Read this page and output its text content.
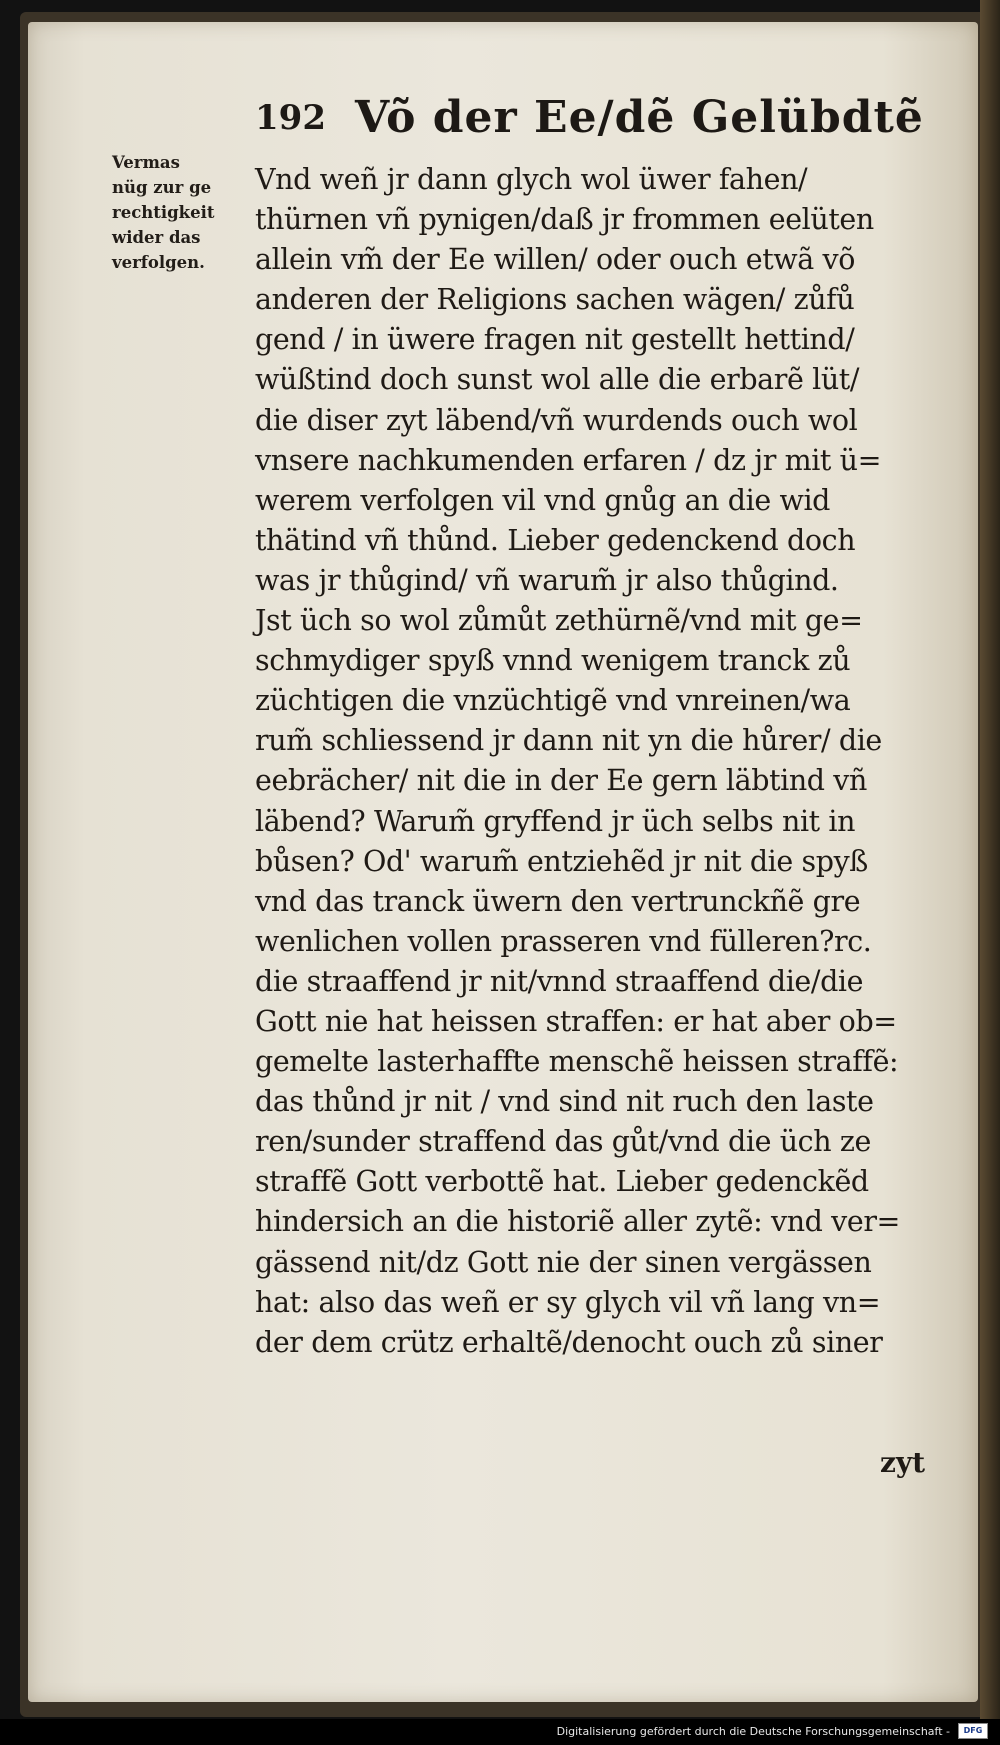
192 Võ der Ee/dẽ Gelübdtẽ
Vermas
nüg zur ge
rechtigkeit
wider das
verfolgen.
Vnd weñ jr dann glych wol üwer fahen/
thürnen vñ pynigen/daß jr frommen eelüten
allein vm̃ der Ee willen/ oder ouch etwã võ
anderen der Religions sachen wägen/ zůfů
gend / in üwere fragen nit gestellt hettind/
wüßtind doch sunst wol alle die erbarẽ lüt/
die diser zyt läbend/vñ wurdends ouch wol
vnsere nachkumenden erfaren / dz jr mit ü=
werem verfolgen vil vnd gnůg an die wid
thätind vñ thůnd. Lieber gedenckend doch
was jr thůgind/ vñ warum̃ jr also thůgind.
Jst üch so wol zůmůt zethürnẽ/vnd mit ge=
schmydiger spyß vnnd wenigem tranck zů
züchtigen die vnzüchtigẽ vnd vnreinen/wa
rum̃ schliessend jr dann nit yn die hůrer/ die
eebrächer/ nit die in der Ee gern läbtind vñ
läbend? Warum̃ gryffend jr üch selbs nit in
bůsen? Od' warum̃ entziehẽd jr nit die spyß
vnd das tranck üwern den vertrunckñẽ gre
wenlichen vollen prasseren vnd fülleren?rc.
die straaffend jr nit/vnnd straaffend die/die
Gott nie hat heissen straffen: er hat aber ob=
gemelte lasterhaffte menschẽ heissen straffẽ:
das thůnd jr nit / vnd sind nit ruch den laste
ren/sunder straffend das gůt/vnd die üch ze
straffẽ Gott verbottẽ hat. Lieber gedenckẽd
hindersich an die historiẽ aller zytẽ: vnd ver=
gässend nit/dz Gott nie der sinen vergässen
hat: also das weñ er sy glych vil vñ lang vn=
der dem crütz erhaltẽ/denocht ouch zů siner
zyt
Digitalisierung gefördert durch die Deutsche Forschungsgemeinschaft -	DFG
